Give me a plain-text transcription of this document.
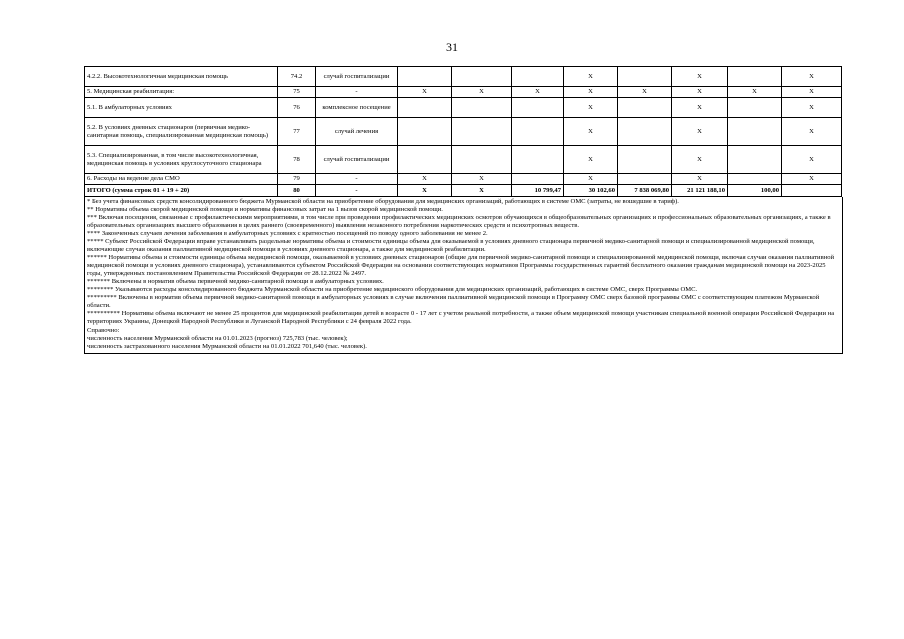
31
4.2.2. Высокотехнологичная медицинская помощь	74.2	случай госпитализации				X		X		X
5. Медицинская реабилитация:	75	-	X	X	X	X	X	X	X	X
5.1. В амбулаторных условиях	76	комплексное посещение				X		X		X
5.2. В условиях дневных стационаров (первичная медико-санитарная помощь, специализированная медицинская помощь)	77	случай лечения				X		X		X
5.3. Специализированная, в том числе высокотехнологичная, медицинская помощь в условиях круглосуточного стационара	78	случай госпитализации				X		X		X
6. Расходы на ведение дела СМО	79	-	X	X		X		X		X
ИТОГО (сумма строк 01 + 19 + 20)	80	-	X	X	10 799,47	30 102,60	7 838 069,80	21 121 188,10	100,00	

* Без учета финансовых средств консолидированного бюджета Мурманской области на приобретение оборудования для медицинских организаций, работающих в системе ОМС (затраты, не вошедшие в тариф).

** Нормативы объема скорой медицинской помощи и нормативы финансовых затрат на 1 вызов скорой медицинской помощи.

*** Включая посещения, связанные с профилактическими мероприятиями, в том числе при проведении профилактических медицинских осмотров обучающихся в общеобразовательных организациях и профессиональных образовательных организациях, а также в образовательных организациях высшего образования в целях раннего (своевременного) выявления незаконного потребления наркотических средств и психотропных веществ.

**** Законченных случаев лечения заболевания в амбулаторных условиях с кратностью посещений по поводу одного заболевания не менее 2.

***** Субъект Российской Федерации вправе устанавливать раздельные нормативы объема и стоимости единицы объема для оказываемой в условиях дневного стационара первичной медико-санитарной помощи и специализированной медицинской помощи, включающие случаи оказания паллиативной медицинской помощи в условиях дневного стационара, а также для медицинской реабилитации.

****** Нормативы объема и стоимости единицы объема медицинской помощи, оказываемой в условиях дневных стационаров (общие для первичной медико-санитарной помощи и специализированной медицинской помощи, включая случаи оказания паллиативной медицинской помощи в условиях дневного стационара), устанавливаются субъектом Российской Федерации на основании соответствующих нормативов Программы государственных гарантий бесплатного оказания гражданам медицинской помощи на 2023-2025 годы, утвержденных постановлением Правительства Российской Федерации от 28.12.2022 № 2497.

******* Включены в норматив объема первичной медико-санитарной помощи в амбулаторных условиях.

******** Указываются расходы консолидированного бюджета Мурманской области на приобретение медицинского оборудования для медицинских организаций, работающих в системе ОМС, сверх Программы ОМС.

********* Включены в норматив объема первичной медико-санитарной помощи в амбулаторных условиях в случае включения паллиативной медицинской помощи в Программу ОМС сверх базовой программы ОМС с соответствующим платежом Мурманской области.

********** Нормативы объема включают не менее 25 процентов для медицинской реабилитации детей в возрасте 0 - 17 лет с учетом реальной потребности, а также объем медицинской помощи участникам специальной военной операции Российской Федерации на территориях Украины, Донецкой Народной Республики и Луганской Народной Республики с 24 февраля 2022 года.

Справочно:

численность населения Мурманской области на 01.01.2023 (прогноз) 725,783 (тыс. человек);

численность застрахованного населения Мурманской области на 01.01.2022 701,640 (тыс. человек).
